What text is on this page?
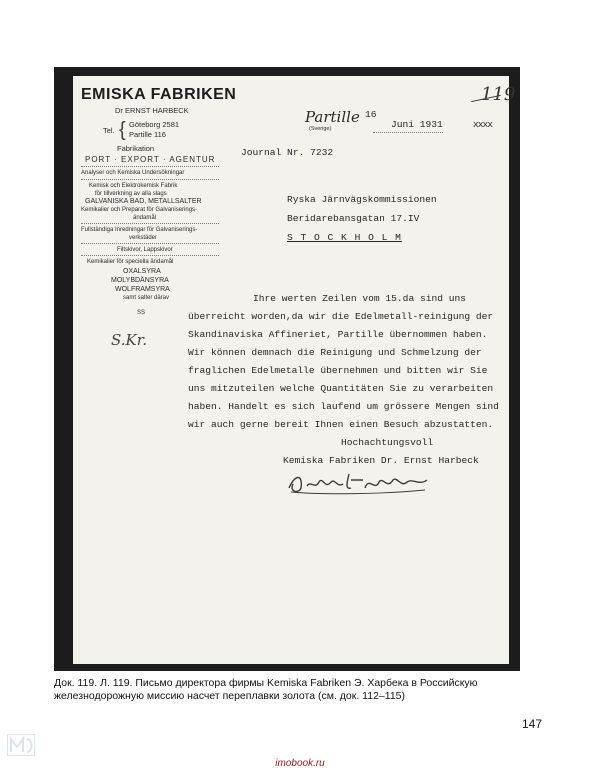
119
EMISKA FABRIKEN
Dr ERNST HARBECK
Tel. { Göteborg 2581
Partille 116
Fabrikation
PORT · EXPORT · AGENTUR
Analyser och Kemiska Undersökningar
Kemisk och Elektrokemisk Fabrik
för tillverkning av alla slags
GALVANISKA BAD, METALLSALTER
Kemikalier och Preparat för Galvaniserings-
ändamål
Fullständiga Inredningar för Galvaniserings-
verkstäder
Filtskivor, Lappskivor
Kemikalier för speciella ändamål
OXALSYRA
MOLYBDÄNSYRA
WOLFRAMSYRA
samt salter därav
SS
S.Kr.
Partille
(Sverige)
16
Juni 1931	xxxx
Journal Nr. 7232
Ryska Järnvägskommissionen
Beridarebansgatan 17.IV
S T O C K H O L M
Ihre werten Zeilen vom 15.da sind uns
überreicht worden,da wir die Edelmetall-reinigung der
Skandinaviska Affineriet, Partille übernommen haben.
Wir können demnach die Reinigung und Schmelzung der
fraglichen Edelmetalle übernehmen und bitten wir Sie
uns mitzuteilen welche Quantitäten Sie zu verarbeiten
haben. Handelt es sich laufend um grössere Mengen sind
wir auch gerne bereit Ihnen einen Besuch abzustatten.
Hochachtungsvoll
Kemiska Fabriken Dr. Ernst Harbeck
Док. 119. Л. 119. Письмо директора фирмы Kemiska Fabriken Э. Харбека в Российскую железнодорожную миссию насчет переплавки золота (см. док. 112–115)
147
imobook.ru
